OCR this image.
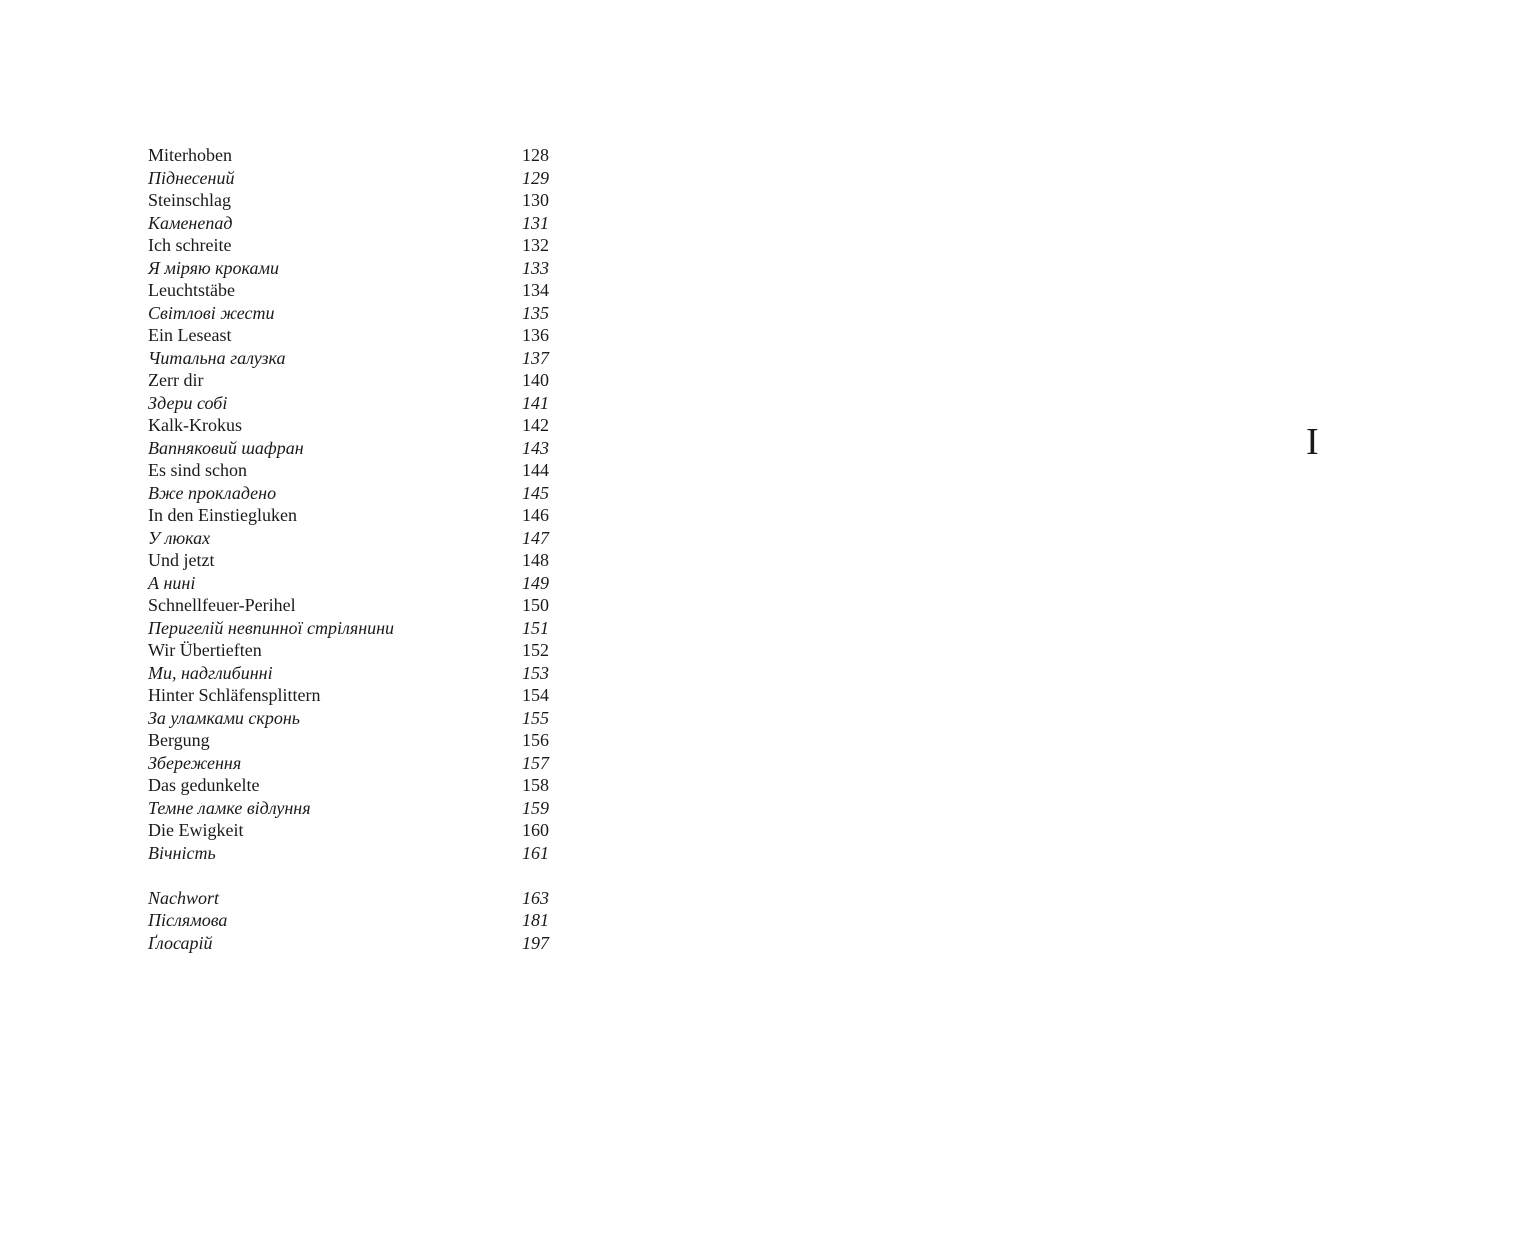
Miterhoben	128
Піднесений	129
Steinschlag	130
Каменепад	131
Ich schreite	132
Я міряю кроками	133
Leuchtstäbe	134
Світлові жести	135
Ein Leseast	136
Читальна галузка	137
Zerr dir	140
Здери собі	141
Kalk-Krokus	142
Вапняковий шафран	143
Es sind schon	144
Вже прокладено	145
In den Einstiegluken	146
У люках	147
Und jetzt	148
А нині	149
Schnellfeuer-Perihel	150
Перигелій невпинної стрілянини	151
Wir Übertieften	152
Ми, надглибинні	153
Hinter Schläfensplittern	154
За уламками скронь	155
Bergung	156
Збереження	157
Das gedunkelte	158
Темне ламке відлуння	159
Die Ewigkeit	160
Вічність	161
Nachwort	163
Післямова	181
Ґлосарій	197
I
